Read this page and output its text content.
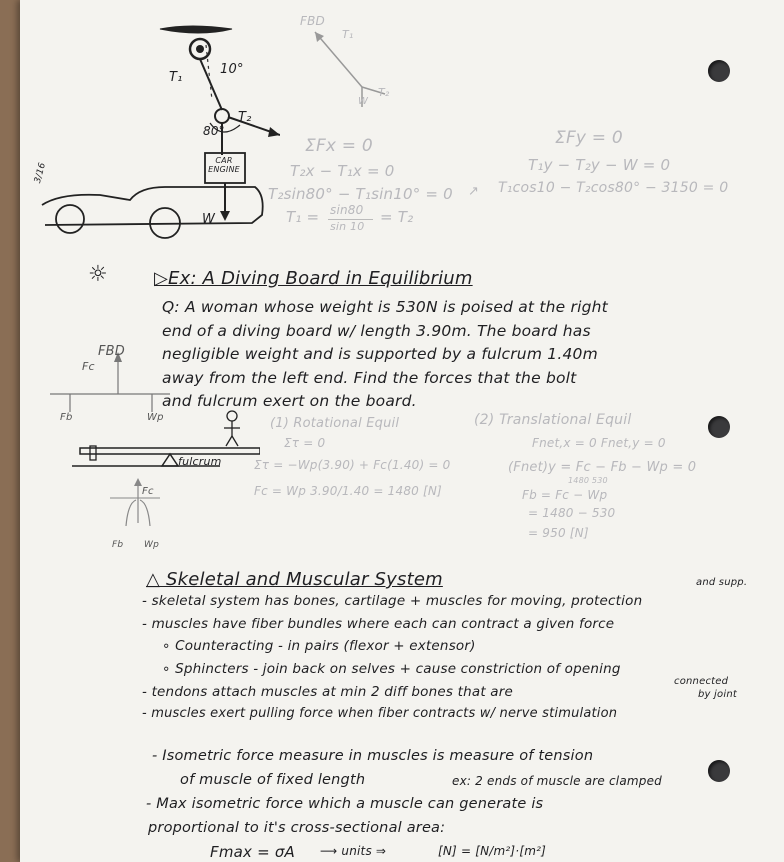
T₁
10°
T₂
80°
CAR ENGINE
W
3/16
FBD
T₁
T₂
W
ΣFx = 0
T₂x − T₁x = 0
T₂sin80° − T₁sin10° = 0
T₁ = sin80
sin 10
= T₂
ΣFy = 0
T₁y − T₂y − W = 0
↗ T₁cos10 − T₂cos80° − 3150 = 0
☼	▷Ex: A Diving Board in Equilibrium
Q: A woman whose weight is 530N is poised at the right
end of a diving board w/ length 3.90m. The board has
negligible weight and is supported by a fulcrum 1.40m
away from the left end. Find the forces that the bolt
and fulcrum exert on the board.
FBD
Fc
Fb	Wp
fulcrum
Fc
Fb Wp
(1) Rotational Equil
Στ = 0
Στ = −Wp(3.90) + Fc(1.40) = 0
Fc = Wp 3.90/1.40 = 1480 [N]
(2) Translational Equil
Fnet,x = 0 Fnet,y = 0
(Fnet)y = Fc − Fb − Wp = 0
1480 530
Fb = Fc − Wp
= 1480 − 530
= 950 [N]
△ Skeletal and Muscular System	and supp.
- skeletal system has bones, cartilage + muscles for moving, protection
- muscles have fiber bundles where each can contract a given force
∘ Counteracting - in pairs (flexor + extensor)
∘ Sphincters - join back on selves + cause constriction of opening
- tendons attach muscles at min 2 diff bones that are
connected
by joint
- muscles exert pulling force when fiber contracts w/ nerve stimulation
- Isometric force measure in muscles is measure of tension
of muscle of fixed length	ex: 2 ends of muscle are clamped
- Max isometric force which a muscle can generate is
proportional to it's cross-sectional area:
Fmax = σA ⟶ units ⇒	[N] = [N/m²]·[m²]
